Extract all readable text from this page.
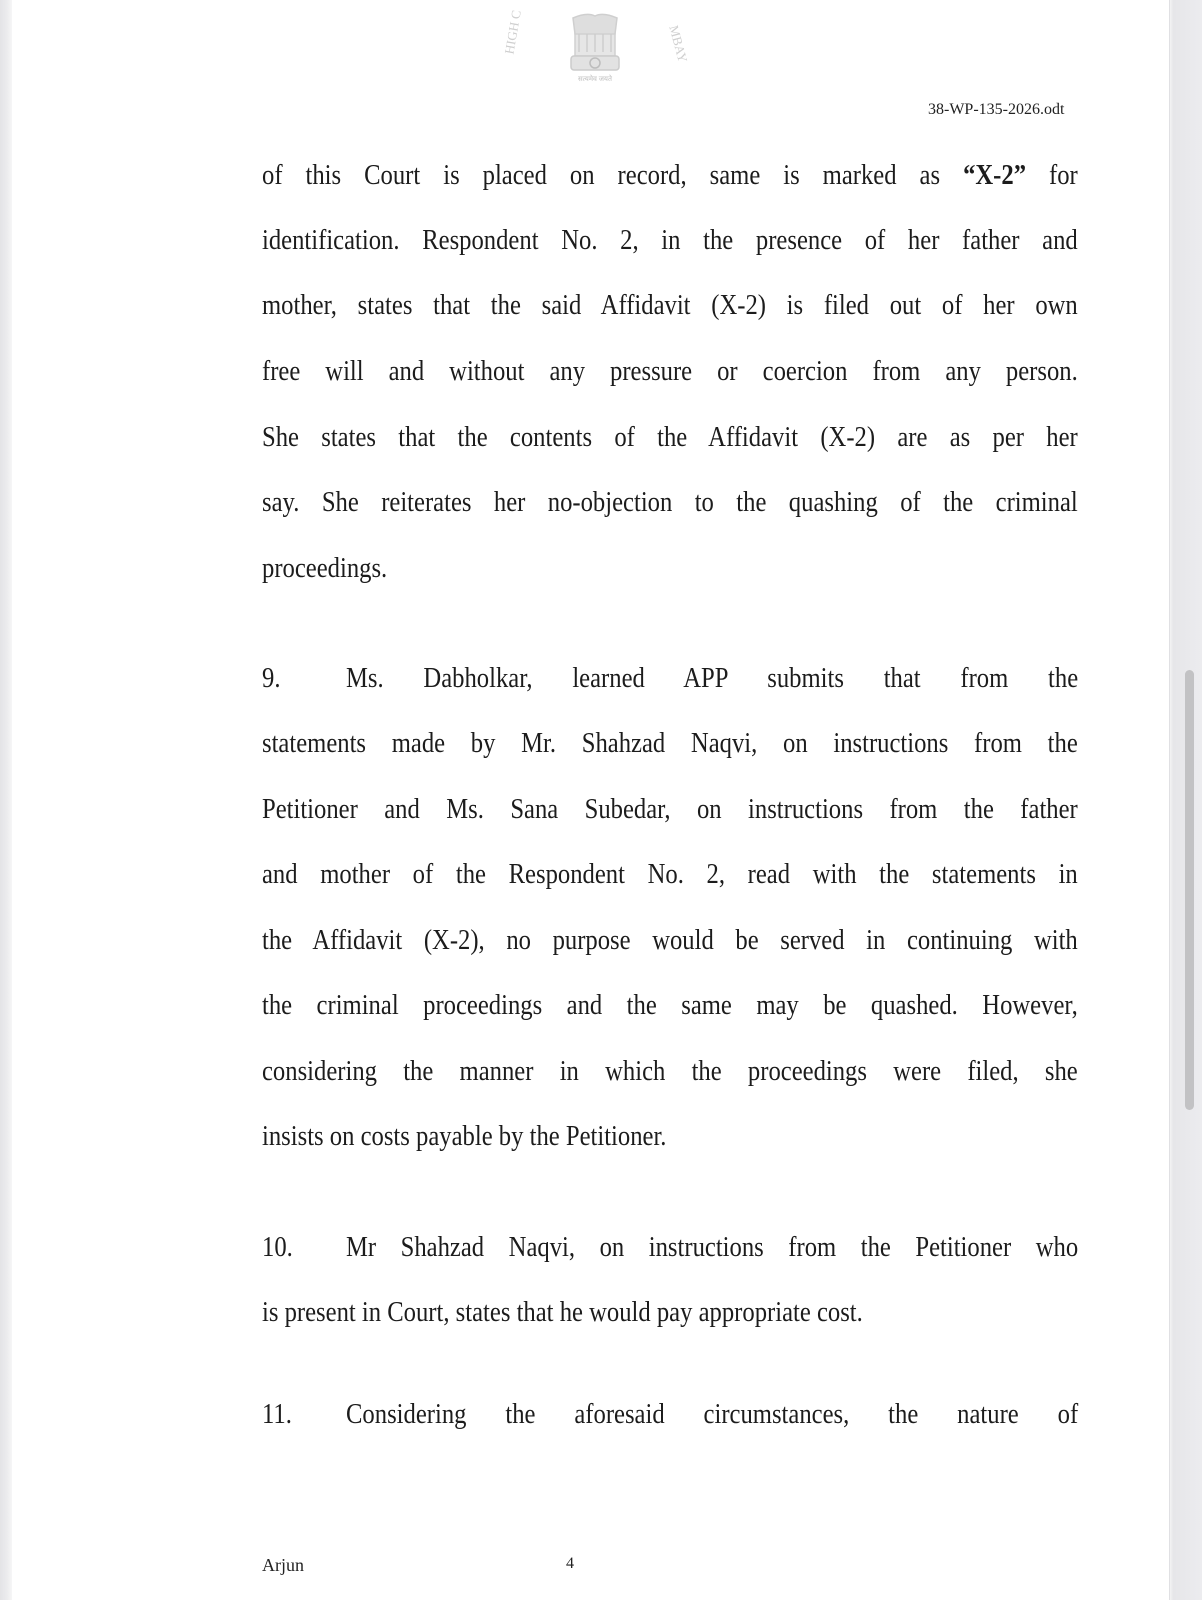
HIGH C	MBAY
सत्यमेव जयते
38-WP-135-2026.odt
of this Court is placed on record, same is marked as “X-2” for
identification. Respondent No. 2, in the presence of her father and
mother, states that the said Affidavit (X-2) is filed out of her own
free will and without any pressure or coercion from any person.
She states that the contents of the Affidavit (X-2) are as per her
say. She reiterates her no-objection to the quashing of the criminal
proceedings.
9. Ms. Dabholkar, learned APP submits that from the
statements made by Mr. Shahzad Naqvi, on instructions from the
Petitioner and Ms. Sana Subedar, on instructions from the father
and mother of the Respondent No. 2, read with the statements in
the Affidavit (X-2), no purpose would be served in continuing with
the criminal proceedings and the same may be quashed. However,
considering the manner in which the proceedings were filed, she
insists on costs payable by the Petitioner.
10. Mr Shahzad Naqvi, on instructions from the Petitioner who
is present in Court, states that he would pay appropriate cost.
11. Considering the aforesaid circumstances, the nature of
Arjun	4
